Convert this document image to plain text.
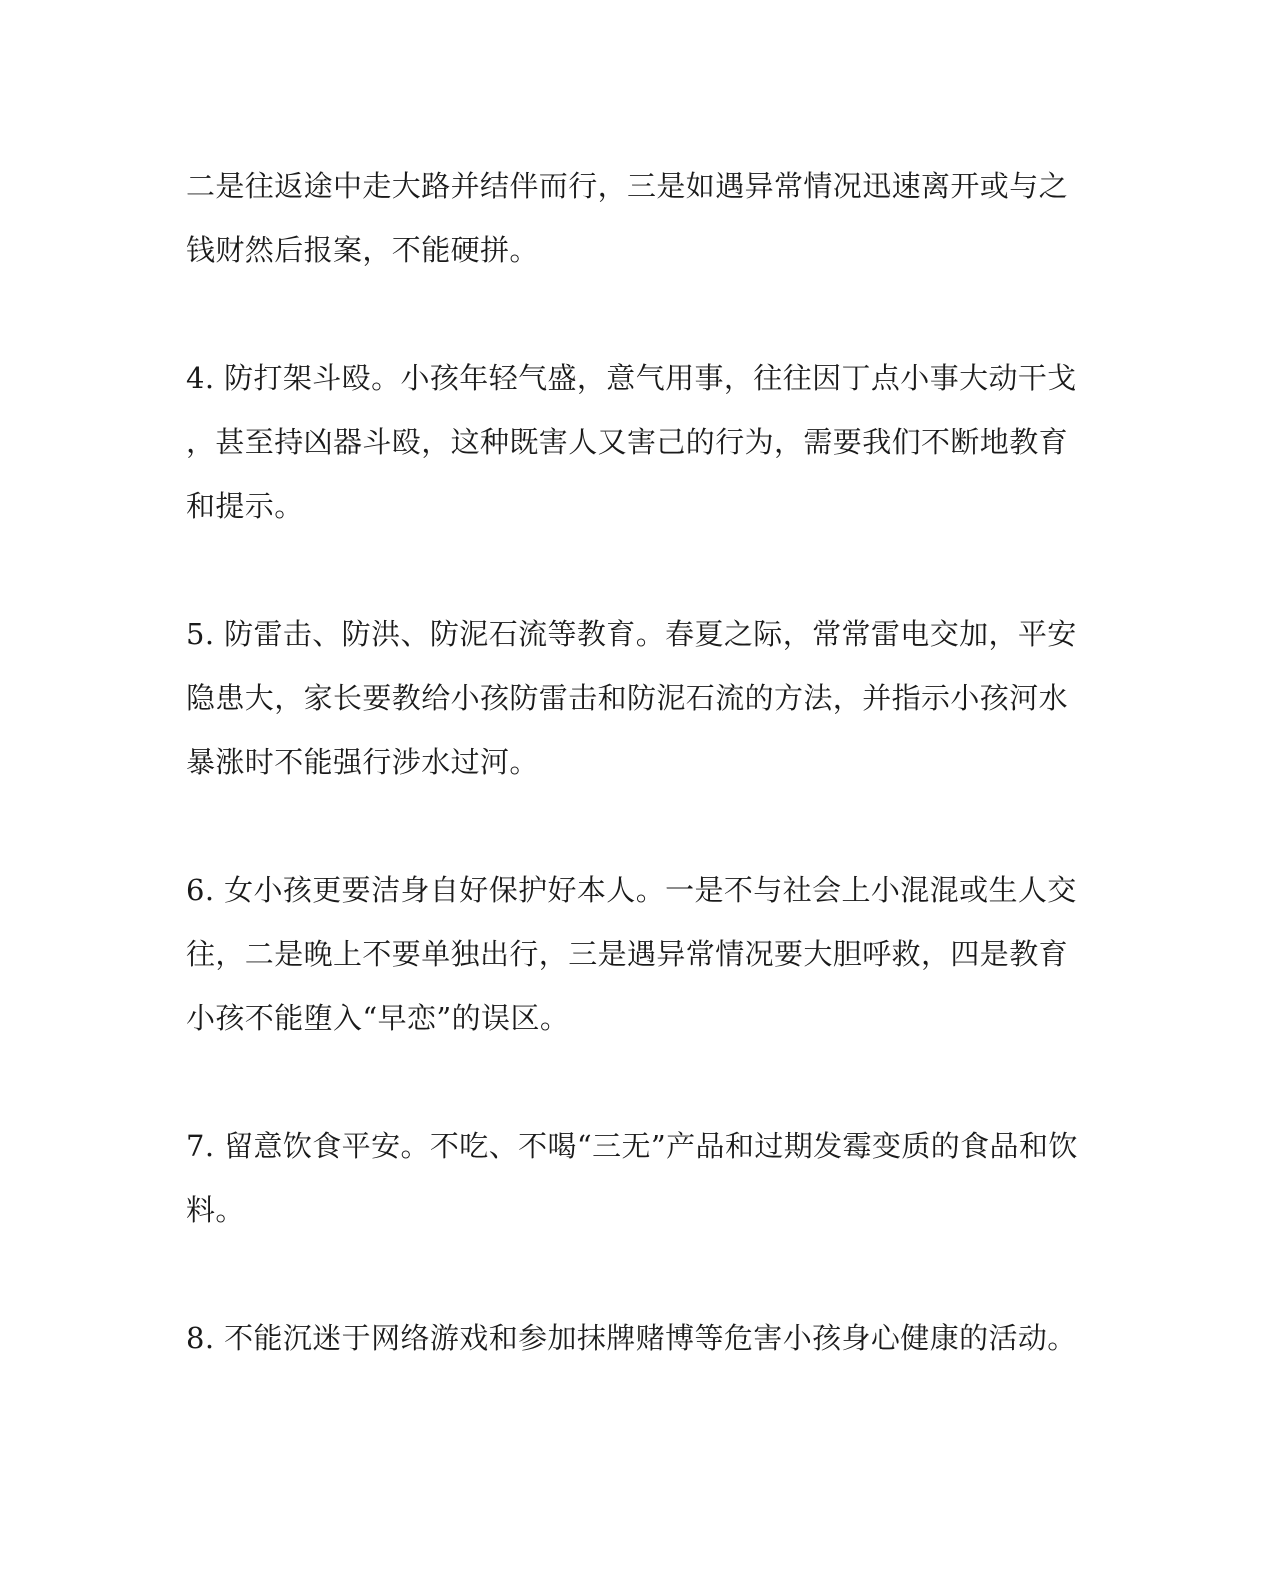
二是往返途中走大路并结伴而行，三是如遇异常情况迅速离开或与之
钱财然后报案，不能硬拼。
4. 防打架斗殴。小孩年轻气盛，意气用事，往往因丁点小事大动干戈
，甚至持凶器斗殴，这种既害人又害己的行为，需要我们不断地教育
和提示。
5. 防雷击、防洪、防泥石流等教育。春夏之际，常常雷电交加，平安
隐患大，家长要教给小孩防雷击和防泥石流的方法，并指示小孩河水
暴涨时不能强行涉水过河。
6. 女小孩更要洁身自好保护好本人。一是不与社会上小混混或生人交
往，二是晚上不要单独出行，三是遇异常情况要大胆呼救，四是教育
小孩不能堕入“早恋”的误区。
7. 留意饮食平安。不吃、不喝“三无”产品和过期发霉变质的食品和饮
料。
8. 不能沉迷于网络游戏和参加抹牌赌博等危害小孩身心健康的活动。
